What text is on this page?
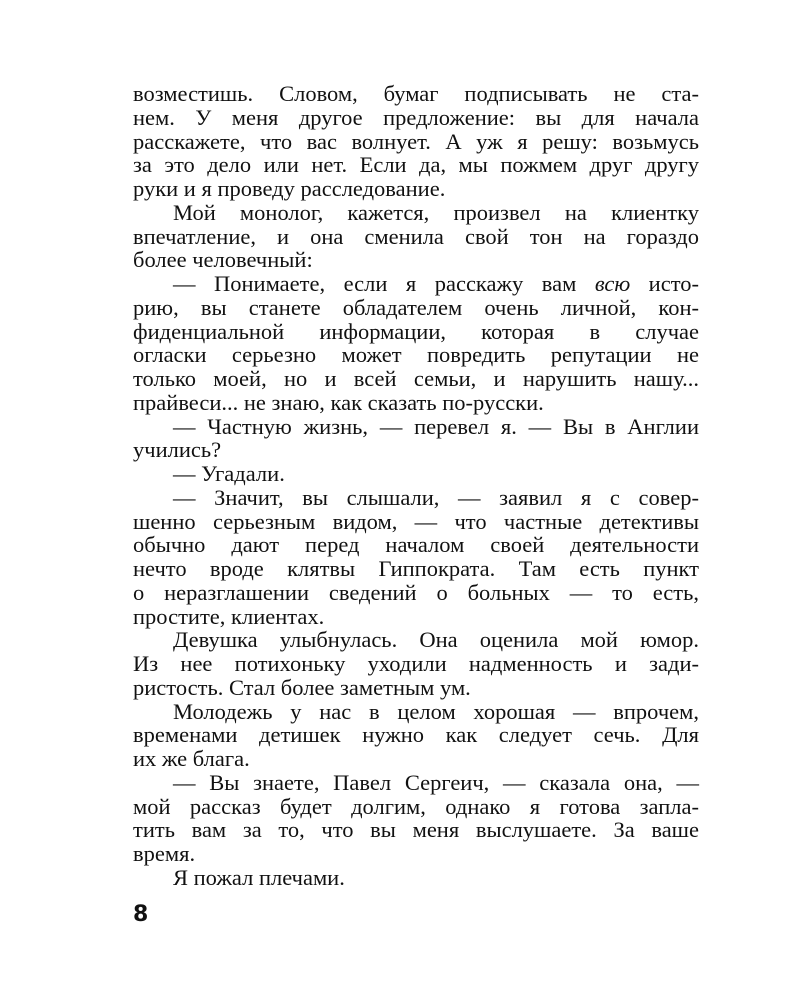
возместишь. Словом, бумаг подписывать не ста-
нем. У меня другое предложение: вы для начала
расскажете, что вас волнует. А уж я решу: возьмусь
за это дело или нет. Если да, мы пожмем друг другу
руки и я проведу расследование.
Мой монолог, кажется, произвел на клиентку
впечатление, и она сменила свой тон на гораздо
более человечный:
— Понимаете, если я расскажу вам всю исто-
рию, вы станете обладателем очень личной, кон-
фиденциальной информации, которая в случае
огласки серьезно может повредить репутации не
только моей, но и всей семьи, и нарушить нашу...
прайвеси... не знаю, как сказать по-русски.
— Частную жизнь, — перевел я. — Вы в Англии
учились?
— Угадали.
— Значит, вы слышали, — заявил я с совер-
шенно серьезным видом, — что частные детективы
обычно дают перед началом своей деятельности
нечто вроде клятвы Гиппократа. Там есть пункт
о неразглашении сведений о больных — то есть,
простите, клиентах.
Девушка улыбнулась. Она оценила мой юмор.
Из нее потихоньку уходили надменность и зади-
ристость. Стал более заметным ум.
Молодежь у нас в целом хорошая — впрочем,
временами детишек нужно как следует сечь. Для
их же блага.
— Вы знаете, Павел Сергеич, — сказала она, —
мой рассказ будет долгим, однако я готова запла-
тить вам за то, что вы меня выслушаете. За ваше
время.
Я пожал плечами.
8
